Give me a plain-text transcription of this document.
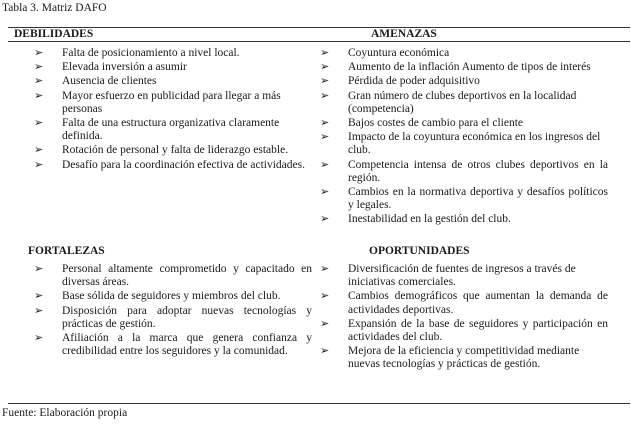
Tabla 3. Matriz DAFO
DEBILIDADES	AMENAZAS
➢ Falta de posicionamiento a nivel local.
➢ Elevada inversión a asumir
➢ Ausencia de clientes
➢ Mayor esfuerzo en publicidad para llegar a más personas
➢ Falta de una estructura organizativa claramente definida.
➢ Rotación de personal y falta de liderazgo estable.
➢ Desafío para la coordinación efectiva de actividades.
➢ Coyuntura económica
➢ Aumento de la inflación Aumento de tipos de interés
➢ Pérdida de poder adquisitivo
➢ Gran número de clubes deportivos en la localidad (competencia)
➢ Bajos costes de cambio para el cliente
➢ Impacto de la coyuntura económica en los ingresos del club.
➢ Competencia intensa de otros clubes deportivos en la región.
➢ Cambios en la normativa deportiva y desafíos políticos y legales.
➢ Inestabilidad en la gestión del club.
FORTALEZAS	OPORTUNIDADES
➢ Personal altamente comprometido y capacitado en diversas áreas.
➢ Base sólida de seguidores y miembros del club.
➢ Disposición para adoptar nuevas tecnologías y prácticas de gestión.
➢ Afiliación a la marca que genera confianza y credibilidad entre los seguidores y la comunidad.
➢ Diversificación de fuentes de ingresos a través de iniciativas comerciales.
➢ Cambios demográficos que aumentan la demanda de actividades deportivas.
➢ Expansión de la base de seguidores y participación en actividades del club.
➢ Mejora de la eficiencia y competitividad mediante nuevas tecnologías y prácticas de gestión.
Fuente: Elaboración propia
